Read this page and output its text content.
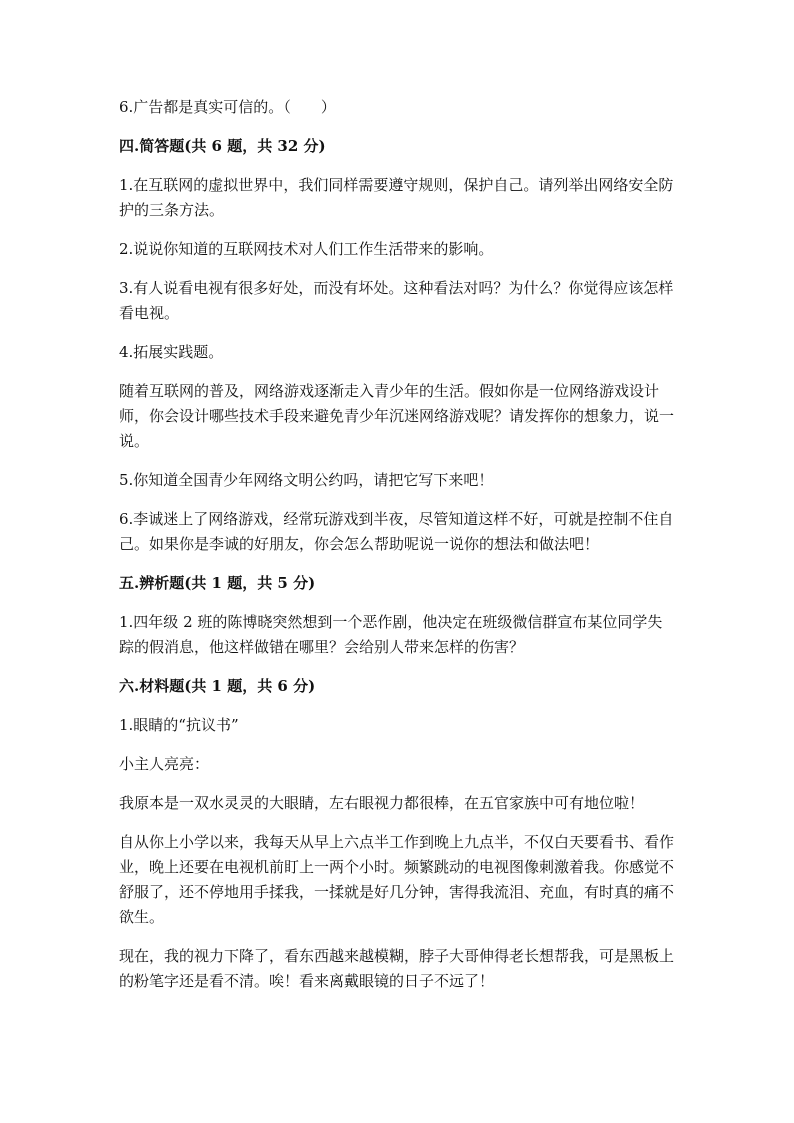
6.广告都是真实可信的。（　　）

四.简答题(共 6 题，共 32 分)

1.在互联网的虚拟世界中，我们同样需要遵守规则，保护自己。请列举出网络安全防护的三条方法。

2.说说你知道的互联网技术对人们工作生活带来的影响。

3.有人说看电视有很多好处，而没有坏处。这种看法对吗？为什么？你觉得应该怎样看电视。

4.拓展实践题。

随着互联网的普及，网络游戏逐渐走入青少年的生活。假如你是一位网络游戏设计师，你会设计哪些技术手段来避免青少年沉迷网络游戏呢？请发挥你的想象力，说一说。

5.你知道全国青少年网络文明公约吗，请把它写下来吧！

6.李诚迷上了网络游戏，经常玩游戏到半夜，尽管知道这样不好，可就是控制不住自己。如果你是李诚的好朋友，你会怎么帮助呢说一说你的想法和做法吧！

五.辨析题(共 1 题，共 5 分)

1.四年级 2 班的陈博晓突然想到一个恶作剧，他决定在班级微信群宣布某位同学失踪的假消息，他这样做错在哪里？会给别人带来怎样的伤害？

六.材料题(共 1 题，共 6 分)

1.眼睛的“抗议书”

小主人亮亮：

我原本是一双水灵灵的大眼睛，左右眼视力都很棒，在五官家族中可有地位啦！

自从你上小学以来，我每天从早上六点半工作到晚上九点半，不仅白天要看书、看作业，晚上还要在电视机前盯上一两个小时。频繁跳动的电视图像刺激着我。你感觉不舒服了，还不停地用手揉我，一揉就是好几分钟，害得我流泪、充血，有时真的痛不欲生。

现在，我的视力下降了，看东西越来越模糊，脖子大哥伸得老长想帮我，可是黑板上的粉笔字还是看不清。唉！看来离戴眼镜的日子不远了！
